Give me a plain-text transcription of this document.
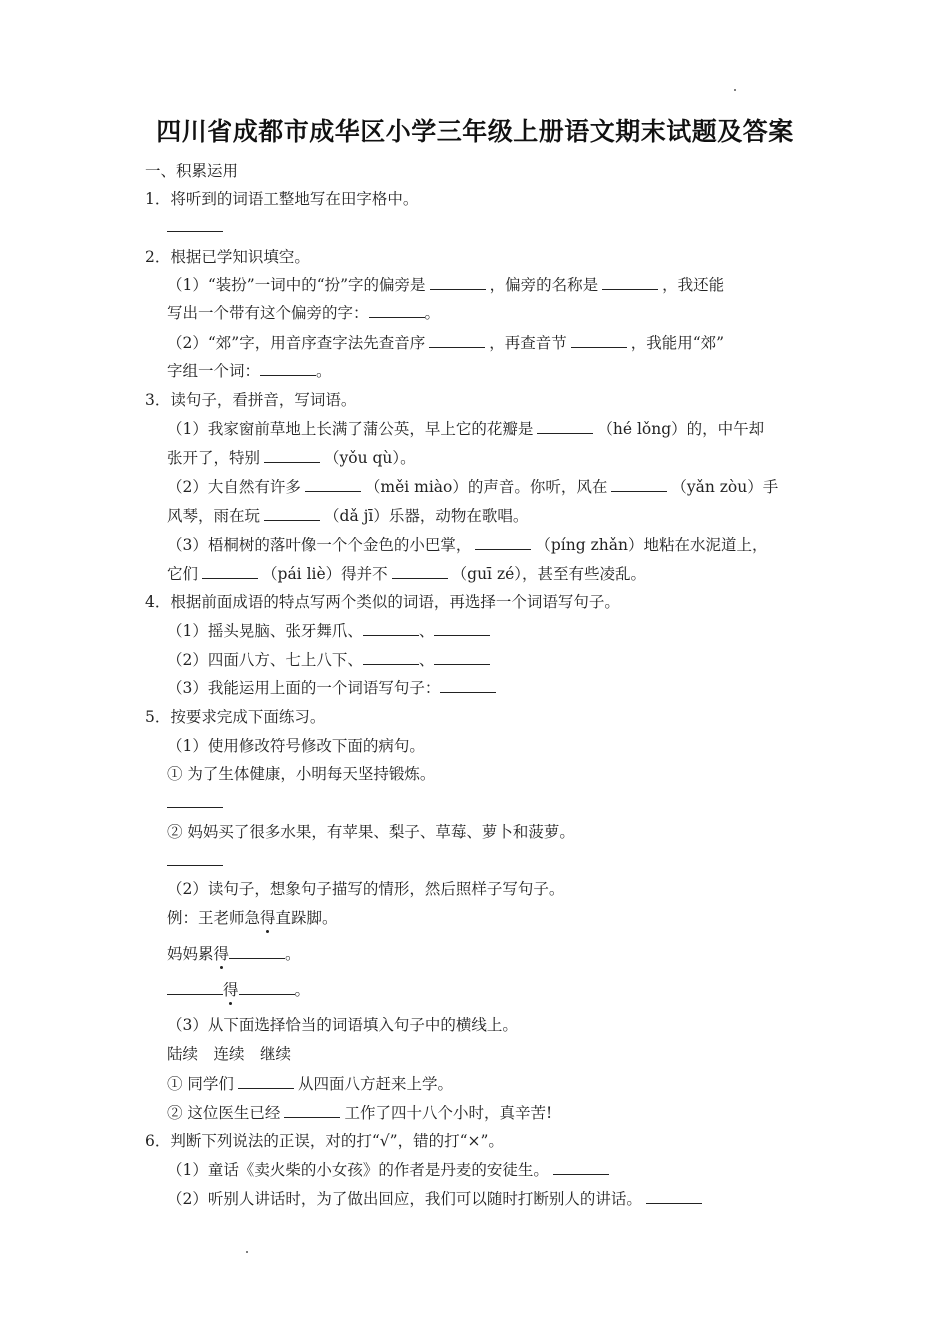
四川省成都市成华区小学三年级上册语文期末试题及答案
一、积累运用
1．将听到的词语工整地写在田字格中。
2．根据已学知识填空。
（1）“装扮”一词中的“扮”字的偏旁是	，偏旁的名称是	，我还能
写出一个带有这个偏旁的字：	。
（2）“郊”字，用音序查字法先查音序	，再查音节	，我能用“郊”
字组一个词：	。
3．读句子，看拼音，写词语。
（1）我家窗前草地上长满了蒲公英，早上它的花瓣是	（hé lǒng）的，中午却
张开了，特别	（yǒu qù）。
（2）大自然有许多	（měi miào）的声音。你听，风在	（yǎn zòu）手
风琴，雨在玩	（dǎ jī）乐器，动物在歌唱。
（3）梧桐树的落叶像一个个金色的小巴掌，	（píng zhǎn）地粘在水泥道上，
它们	（pái liè）得并不	（guī zé），甚至有些凌乱。
4．根据前面成语的特点写两个类似的词语，再选择一个词语写句子。
（1）摇头晃脑、张牙舞爪、	、
（2）四面八方、七上八下、	、
（3）我能运用上面的一个词语写句子：
5．按要求完成下面练习。
（1）使用修改符号修改下面的病句。
① 为了生体健康，小明每天坚持锻炼。
② 妈妈买了很多水果，有苹果、梨子、草莓、萝卜和菠萝。
（2）读句子，想象句子描写的情形，然后照样子写句子。
例：王老师急得直跺脚。
妈妈累得	。
得	。
（3）从下面选择恰当的词语填入句子中的横线上。
陆续　连续　继续
① 同学们	从四面八方赶来上学。
② 这位医生已经	工作了四十八个小时，真辛苦!
6．判断下列说法的正误，对的打“√”，错的打“×”。
（1）童话《卖火柴的小女孩》的作者是丹麦的安徒生。
（2）听别人讲话时，为了做出回应，我们可以随时打断别人的讲话。
